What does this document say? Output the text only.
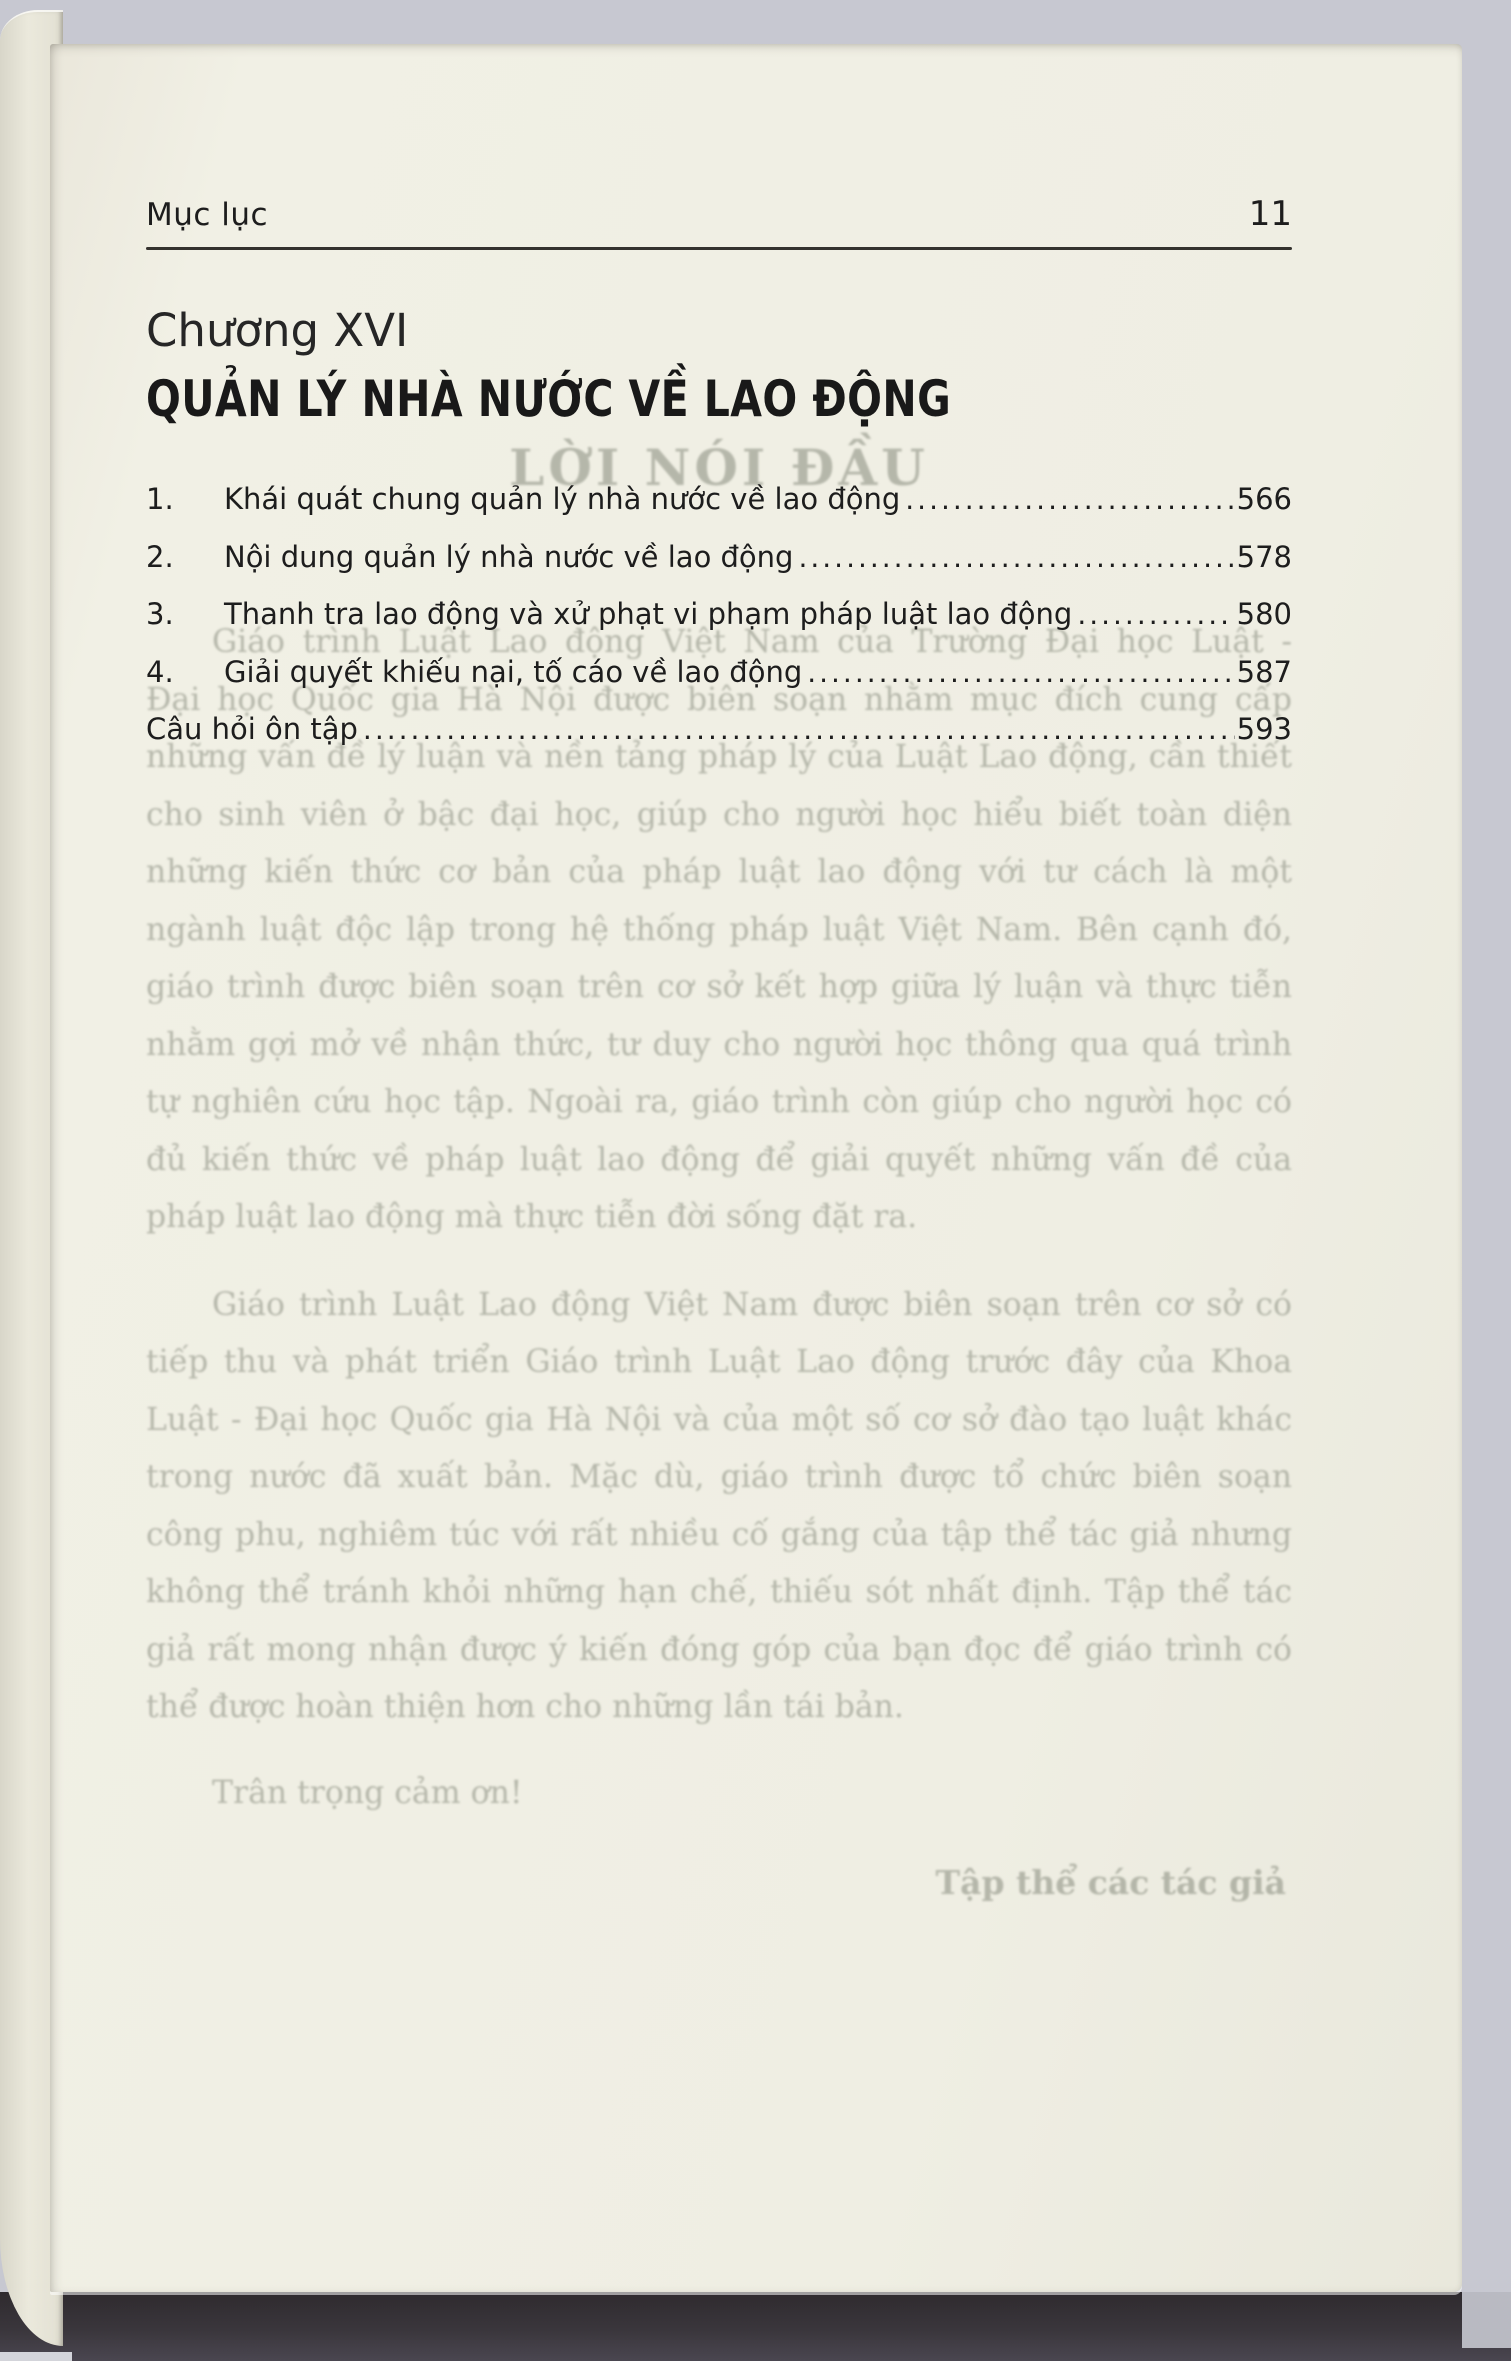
LỜI NÓI ĐẦU
Giáo trình Luật Lao động Việt Nam của Trường Đại học Luật -
Đại học Quốc gia Hà Nội được biên soạn nhằm mục đích cung cấp
những vấn đề lý luận và nền tảng pháp lý của Luật Lao động, cần thiết
cho sinh viên ở bậc đại học, giúp cho người học hiểu biết toàn diện
những kiến thức cơ bản của pháp luật lao động với tư cách là một
ngành luật độc lập trong hệ thống pháp luật Việt Nam. Bên cạnh đó,
giáo trình được biên soạn trên cơ sở kết hợp giữa lý luận và thực tiễn
nhằm gợi mở về nhận thức, tư duy cho người học thông qua quá trình
tự nghiên cứu học tập. Ngoài ra, giáo trình còn giúp cho người học có
đủ kiến thức về pháp luật lao động để giải quyết những vấn đề của
pháp luật lao động mà thực tiễn đời sống đặt ra.
Giáo trình Luật Lao động Việt Nam được biên soạn trên cơ sở có
tiếp thu và phát triển Giáo trình Luật Lao động trước đây của Khoa
Luật - Đại học Quốc gia Hà Nội và của một số cơ sở đào tạo luật khác
trong nước đã xuất bản. Mặc dù, giáo trình được tổ chức biên soạn
công phu, nghiêm túc với rất nhiều cố gắng của tập thể tác giả nhưng
không thể tránh khỏi những hạn chế, thiếu sót nhất định. Tập thể tác
giả rất mong nhận được ý kiến đóng góp của bạn đọc để giáo trình có
thể được hoàn thiện hơn cho những lần tái bản.
Trân trọng cảm ơn!
Tập thể các tác giả
Mục lục	11
Chương XVI
QUẢN LÝ NHÀ NƯỚC VỀ LAO ĐỘNG
1.	Khái quát chung quản lý nhà nước về lao động .....	566
2.	Nội dung quản lý nhà nước về lao động .....	578
3.	Thanh tra lao động và xử phạt vi phạm pháp luật lao động .....	580
4.	Giải quyết khiếu nại, tố cáo về lao động .....	587
Câu hỏi ôn tập .....	593
